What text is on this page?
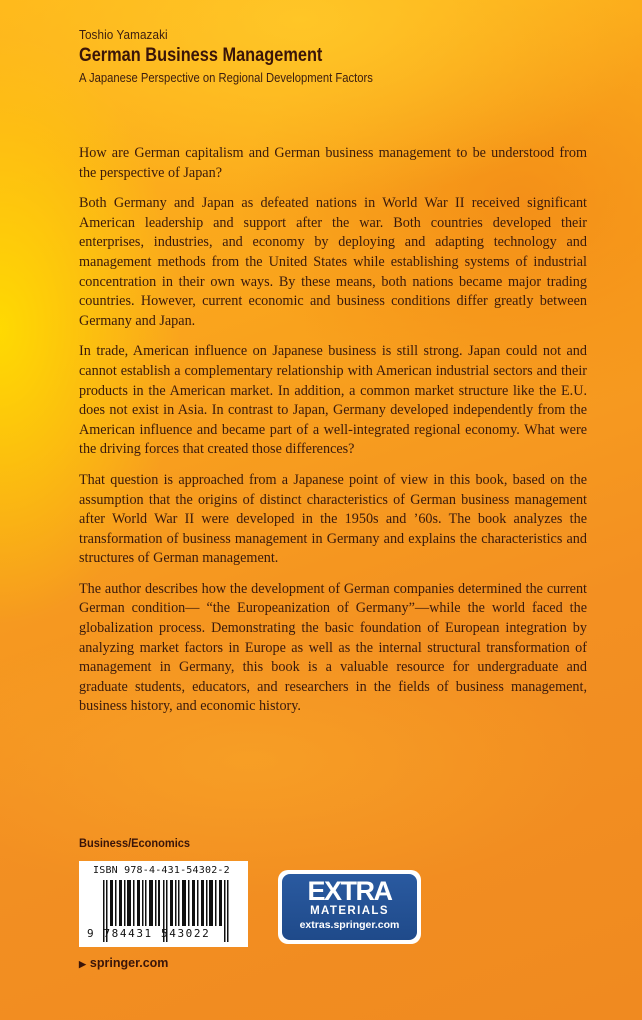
Toshio Yamazaki
German Business Management
A Japanese Perspective on Regional Development Factors

How are German capitalism and German business management to be understood from the perspective of Japan?

Both Germany and Japan as defeated nations in World War II received significant American leadership and support after the war. Both countries developed their enterprises, industries, and economy by deploying and adapting technology and management methods from the United States while establishing systems of industrial concentration in their own ways. By these means, both nations became major trading countries. However, current economic and business conditions differ greatly between Germany and Japan.

In trade, American influence on Japanese business is still strong. Japan could not and cannot establish a complementary relationship with American industrial sectors and their products in the American market. In addition, a common market structure like the E.U. does not exist in Asia. In contrast to Japan, Germany developed independently from the American influence and became part of a well-integrated regional economy. What were the driving forces that created those differences?

That question is approached from a Japanese point of view in this book, based on the assumption that the origins of distinct characteristics of German business management after World War II were developed in the 1950s and ’60s. The book analyzes the transformation of business management in Germany and explains the characteristics and structures of German management.

The author describes how the development of German companies determined the current German condition— “the Europeanization of Germany”—while the world faced the globalization process. Demonstrating the basic foundation of European integration by analyzing market factors in Europe as well as the internal structural transformation of management in Germany, this book is a valuable resource for undergraduate and graduate students, educators, and researchers in the fields of business management, business history, and economic history.

Business/Economics
ISBN 978-4-431-54302-2
9 784431 543022
▶ springer.com
EXTRA
MATERIALS
extras.springer.com
